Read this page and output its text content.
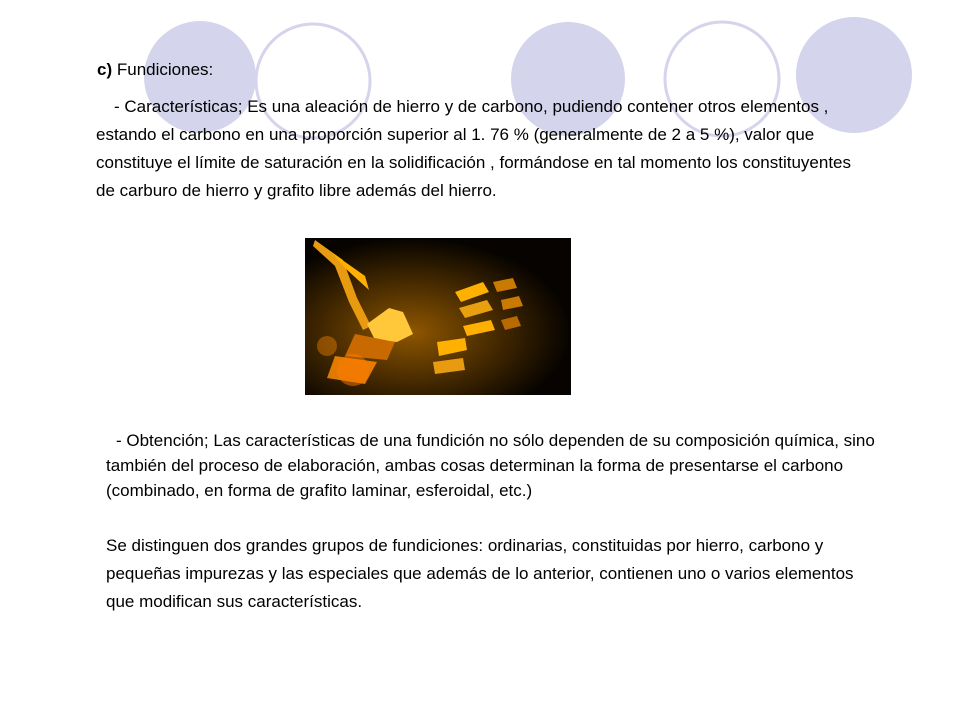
c) Fundiciones:

- Características; Es una aleación de hierro y de carbono, pudiendo contener otros elementos , estando el carbono en una proporción superior al 1. 76 % (generalmente de 2 a 5 %), valor que constituye el límite de saturación en la solidificación , formándose en tal momento los constituyentes de carburo de hierro y grafito libre además del hierro.

- Obtención; Las características de una fundición no sólo dependen de su composición química, sino también del proceso de elaboración, ambas cosas determinan la forma de presentarse el carbono (combinado, en forma de grafito laminar, esferoidal, etc.)

Se distinguen dos grandes grupos de fundiciones: ordinarias, constituidas por hierro, carbono y pequeñas impurezas y las especiales que además de lo anterior, contienen uno o varios elementos que modifican sus características.
